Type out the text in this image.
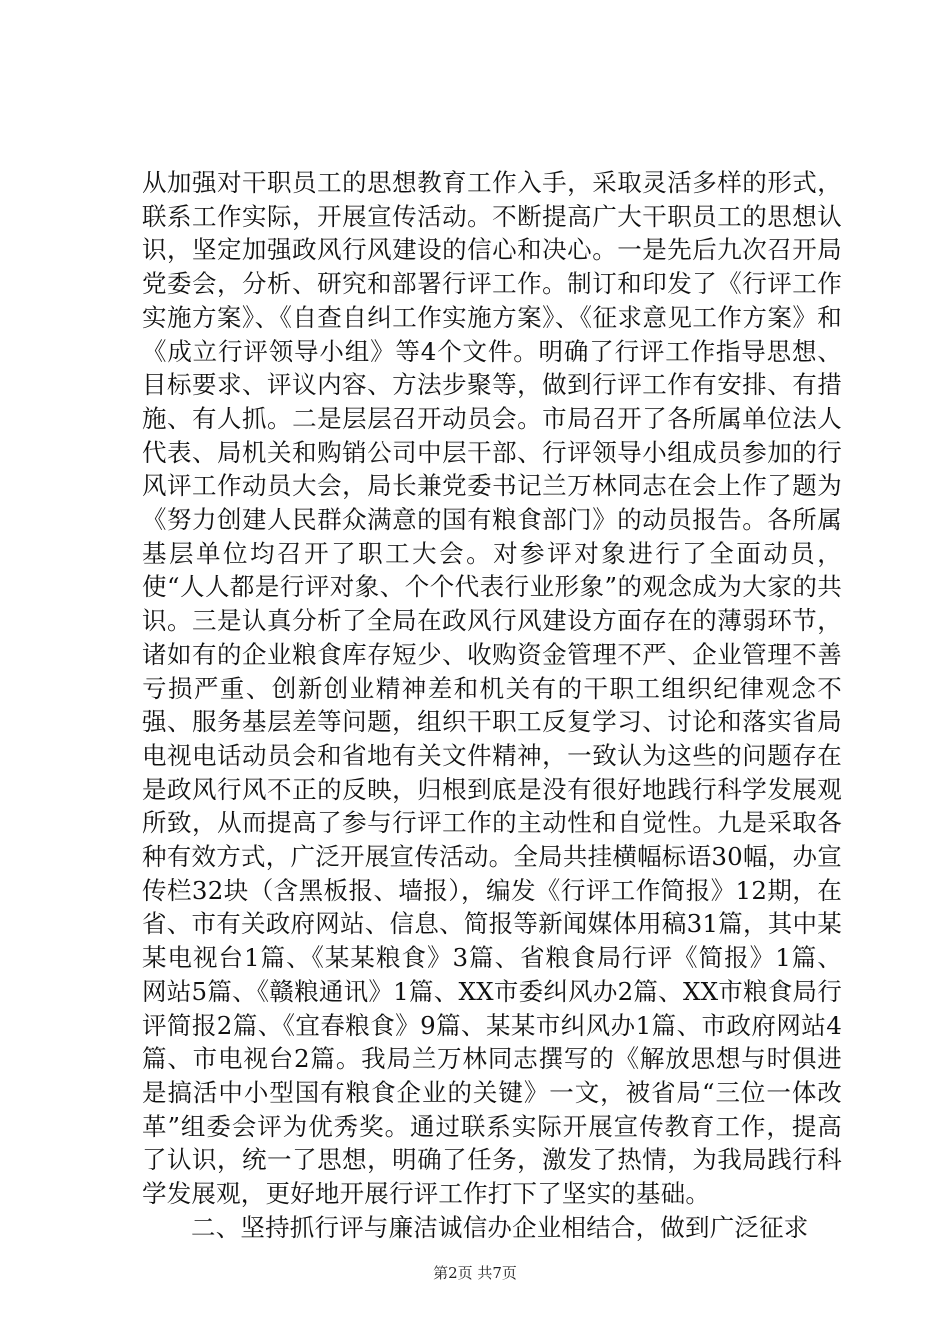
从加强对干职员工的思想教育工作入手，采取灵活多样的形式，联系工作实际，开展宣传活动。不断提高广大干职员工的思想认识，坚定加强政风行风建设的信心和决心。一是先后九次召开局党委会，分析、研究和部署行评工作。制订和印发了《行评工作实施方案》、《自查自纠工作实施方案》、《征求意见工作方案》和《成立行评领导小组》等4个文件。明确了行评工作指导思想、目标要求、评议内容、方法步聚等，做到行评工作有安排、有措施、有人抓。二是层层召开动员会。市局召开了各所属单位法人代表、局机关和购销公司中层干部、行评领导小组成员参加的行风评工作动员大会，局长兼党委书记兰万林同志在会上作了题为《努力创建人民群众满意的国有粮食部门》的动员报告。各所属基层单位均召开了职工大会。对参评对象进行了全面动员，使“人人都是行评对象、个个代表行业形象”的观念成为大家的共识。三是认真分析了全局在政风行风建设方面存在的薄弱环节，诸如有的企业粮食库存短少、收购资金管理不严、企业管理不善亏损严重、创新创业精神差和机关有的干职工组织纪律观念不强、服务基层差等问题，组织干职工反复学习、讨论和落实省局电视电话动员会和省地有关文件精神，一致认为这些的问题存在是政风行风不正的反映，归根到底是没有很好地践行科学发展观所致，从而提高了参与行评工作的主动性和自觉性。九是采取各种有效方式，广泛开展宣传活动。全局共挂横幅标语30幅，办宣传栏32块（含黑板报、墙报），编发《行评工作简报》12期，在省、市有关政府网站、信息、简报等新闻媒体用稿31篇，其中某某电视台1篇、《某某粮食》3篇、省粮食局行评《简报》1篇、网站5篇、《赣粮通讯》1篇、XX市委纠风办2篇、XX市粮食局行评简报2篇、《宜春粮食》9篇、某某市纠风办1篇、市政府网站4篇、市电视台2篇。我局兰万林同志撰写的《解放思想与时俱进是搞活中小型国有粮食企业的关键》一文，被省局“三位一体改革”组委会评为优秀奖。通过联系实际开展宣传教育工作，提高了认识，统一了思想，明确了任务，激发了热情，为我局践行科学发展观，更好地开展行评工作打下了坚实的基础。

二、坚持抓行评与廉洁诚信办企业相结合，做到广泛征求

第2页 共7页
